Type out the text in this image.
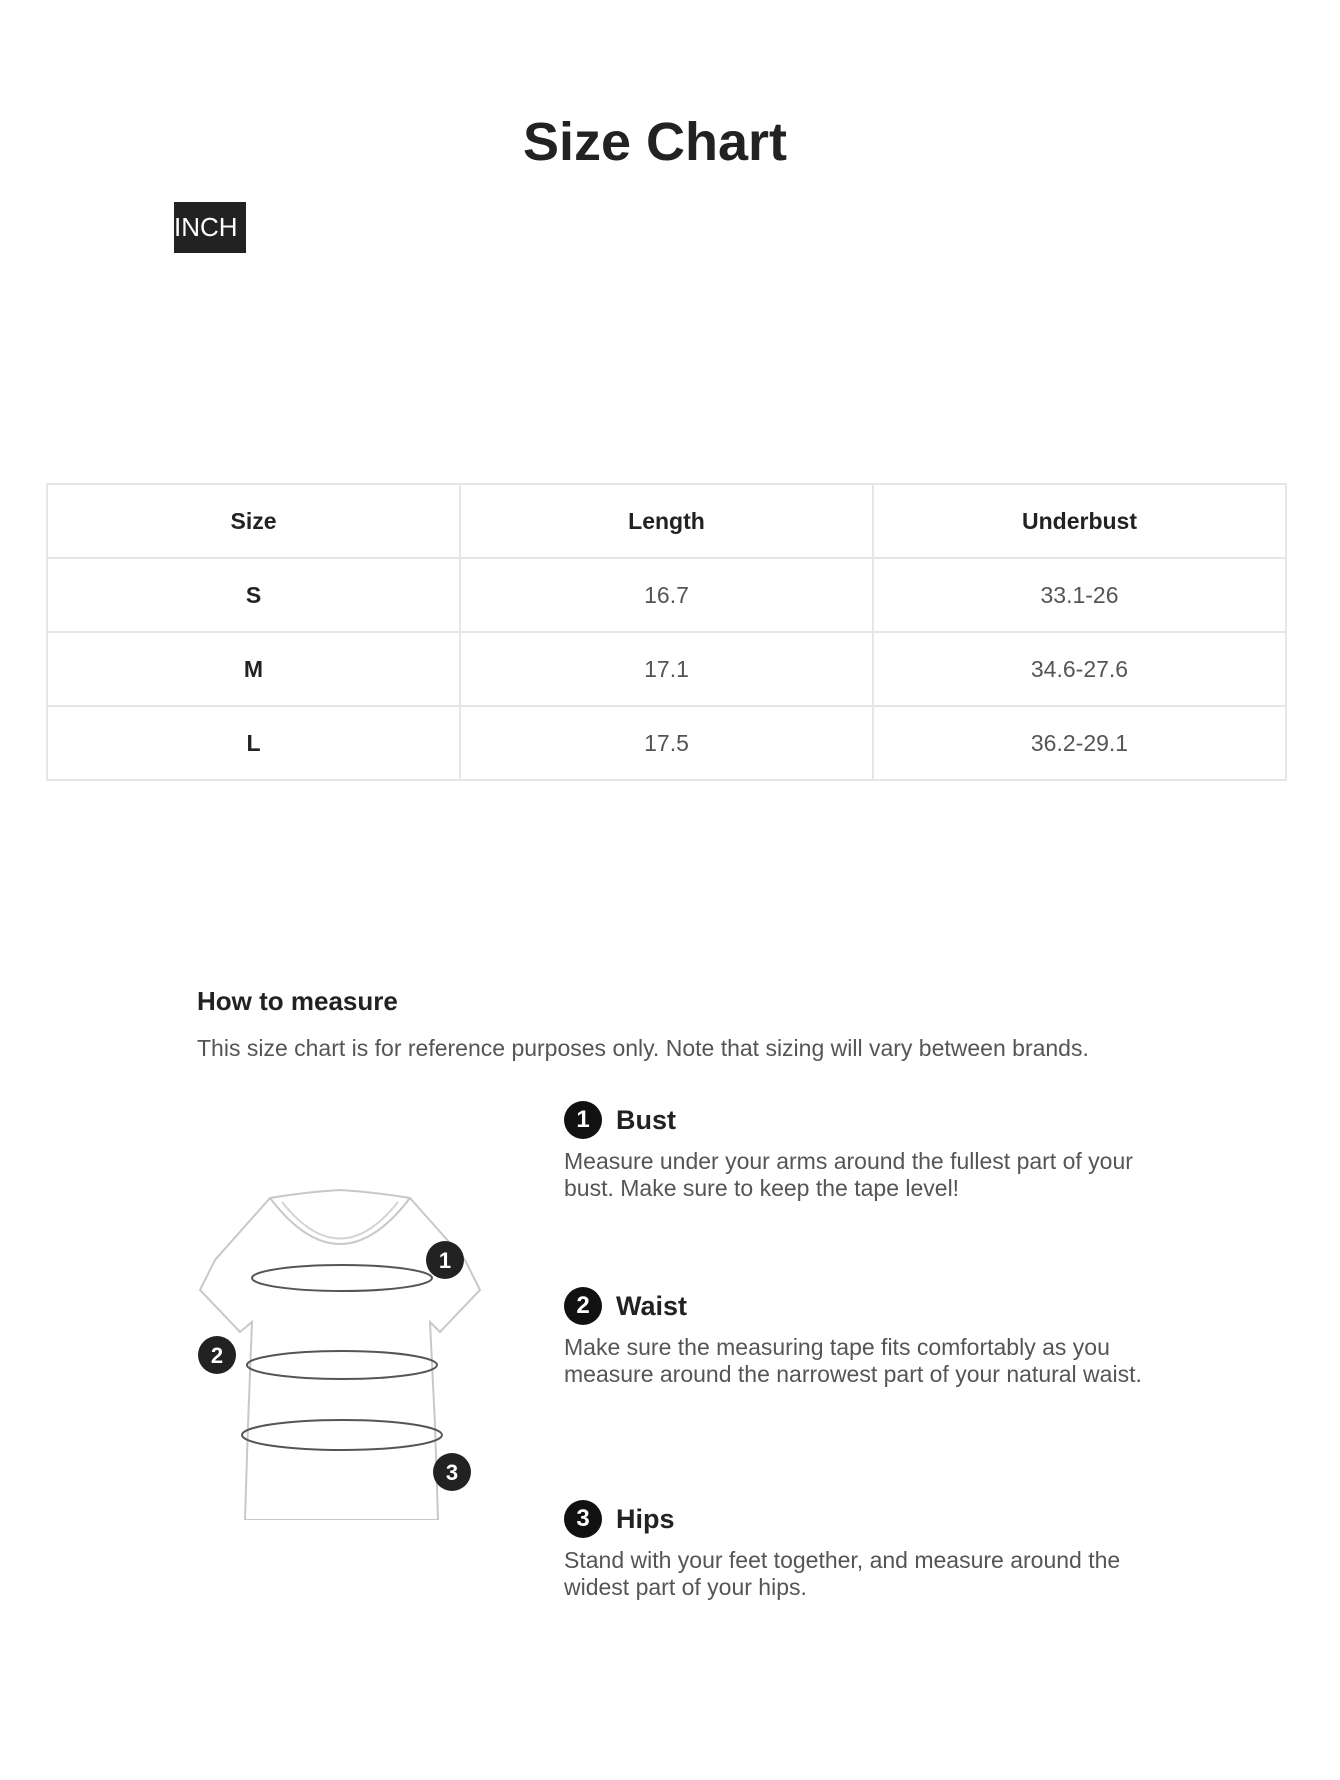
Size Chart
INCH
Size	Length	Underbust
S	16.7	33.1-26
M	17.1	34.6-27.6
L	17.5	36.2-29.1
How to measure

This size chart is for reference purposes only. Note that sizing will vary between brands.

1
2
3
1 Bust
Measure under your arms around the fullest part of your bust. Make sure to keep the tape level!
2 Waist
Make sure the measuring tape fits comfortably as you measure around the narrowest part of your natural waist.
3 Hips
Stand with your feet together, and measure around the widest part of your hips.
